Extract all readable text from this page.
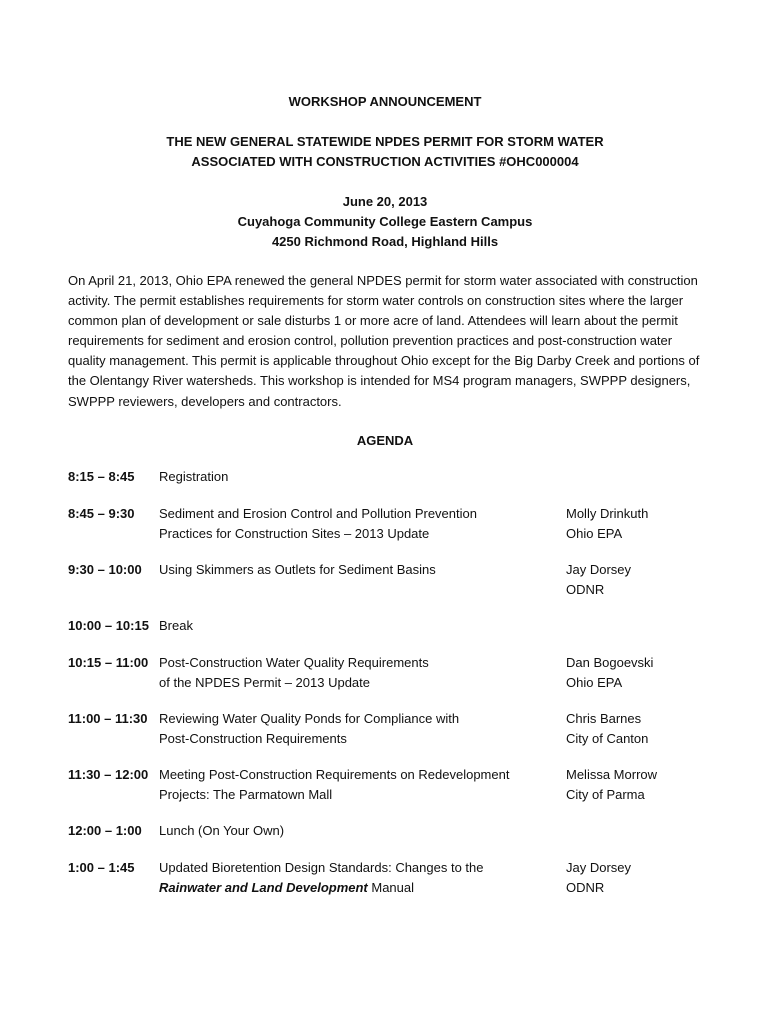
WORKSHOP ANNOUNCEMENT

THE NEW GENERAL STATEWIDE NPDES PERMIT FOR STORM WATER

ASSOCIATED WITH CONSTRUCTION ACTIVITIES #OHC000004

June 20, 2013

Cuyahoga Community College Eastern Campus

4250 Richmond Road, Highland Hills

On April 21, 2013, Ohio EPA renewed the general NPDES permit for storm water associated with construction
activity. The permit establishes requirements for storm water controls on construction sites where the larger
common plan of development or sale disturbs 1 or more acre of land. Attendees will learn about the permit
requirements for sediment and erosion control, pollution prevention practices and post-construction water
quality management. This permit is applicable throughout Ohio except for the Big Darby Creek and portions of
the Olentangy River watersheds. This workshop is intended for MS4 program managers, SWPPP designers,
SWPPP reviewers, developers and contractors.

AGENDA

8:15 – 8:45 Registration
8:45 – 9:30 Sediment and Erosion Control and Pollution Prevention
Practices for Construction Sites – 2013 Update
Molly Drinkuth
Ohio EPA
9:30 – 10:00 Using Skimmers as Outlets for Sediment Basins	Jay Dorsey
ODNR
10:00 – 10:15 Break
10:15 – 11:00 Post-Construction Water Quality Requirements
of the NPDES Permit – 2013 Update
Dan Bogoevski
Ohio EPA
11:00 – 11:30 Reviewing Water Quality Ponds for Compliance with
Post-Construction Requirements
Chris Barnes
City of Canton
11:30 – 12:00 Meeting Post-Construction Requirements on Redevelopment
Projects: The Parmatown Mall
Melissa Morrow
City of Parma
12:00 – 1:00 Lunch (On Your Own)
1:00 – 1:45 Updated Bioretention Design Standards: Changes to the
Rainwater and Land Development Manual
Jay Dorsey
ODNR
